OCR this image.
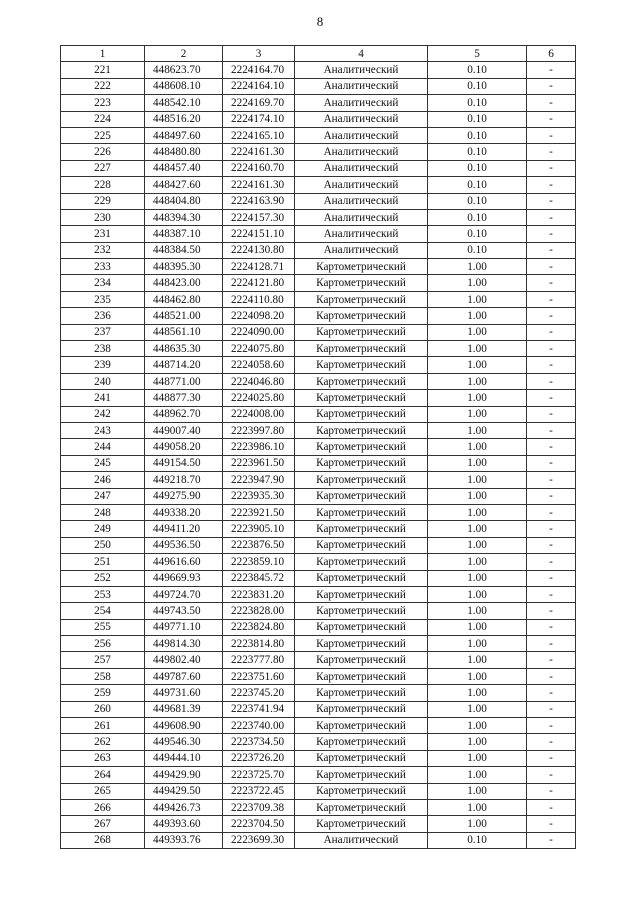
8
1	2	3	4	5	6
221	448623.70	2224164.70	Аналитический	0.10	-
222	448608.10	2224164.10	Аналитический	0.10	-
223	448542.10	2224169.70	Аналитический	0.10	-
224	448516.20	2224174.10	Аналитический	0.10	-
225	448497.60	2224165.10	Аналитический	0.10	-
226	448480.80	2224161.30	Аналитический	0.10	-
227	448457.40	2224160.70	Аналитический	0.10	-
228	448427.60	2224161.30	Аналитический	0.10	-
229	448404.80	2224163.90	Аналитический	0.10	-
230	448394.30	2224157.30	Аналитический	0.10	-
231	448387.10	2224151.10	Аналитический	0.10	-
232	448384.50	2224130.80	Аналитический	0.10	-
233	448395.30	2224128.71	Картометрический	1.00	-
234	448423.00	2224121.80	Картометрический	1.00	-
235	448462.80	2224110.80	Картометрический	1.00	-
236	448521.00	2224098.20	Картометрический	1.00	-
237	448561.10	2224090.00	Картометрический	1.00	-
238	448635.30	2224075.80	Картометрический	1.00	-
239	448714.20	2224058.60	Картометрический	1.00	-
240	448771.00	2224046.80	Картометрический	1.00	-
241	448877.30	2224025.80	Картометрический	1.00	-
242	448962.70	2224008.00	Картометрический	1.00	-
243	449007.40	2223997.80	Картометрический	1.00	-
244	449058.20	2223986.10	Картометрический	1.00	-
245	449154.50	2223961.50	Картометрический	1.00	-
246	449218.70	2223947.90	Картометрический	1.00	-
247	449275.90	2223935.30	Картометрический	1.00	-
248	449338.20	2223921.50	Картометрический	1.00	-
249	449411.20	2223905.10	Картометрический	1.00	-
250	449536.50	2223876.50	Картометрический	1.00	-
251	449616.60	2223859.10	Картометрический	1.00	-
252	449669.93	2223845.72	Картометрический	1.00	-
253	449724.70	2223831.20	Картометрический	1.00	-
254	449743.50	2223828.00	Картометрический	1.00	-
255	449771.10	2223824.80	Картометрический	1.00	-
256	449814.30	2223814.80	Картометрический	1.00	-
257	449802.40	2223777.80	Картометрический	1.00	-
258	449787.60	2223751.60	Картометрический	1.00	-
259	449731.60	2223745.20	Картометрический	1.00	-
260	449681.39	2223741.94	Картометрический	1.00	-
261	449608.90	2223740.00	Картометрический	1.00	-
262	449546.30	2223734.50	Картометрический	1.00	-
263	449444.10	2223726.20	Картометрический	1.00	-
264	449429.90	2223725.70	Картометрический	1.00	-
265	449429.50	2223722.45	Картометрический	1.00	-
266	449426.73	2223709.38	Картометрический	1.00	-
267	449393.60	2223704.50	Картометрический	1.00	-
268	449393.76	2223699.30	Аналитический	0.10	-
